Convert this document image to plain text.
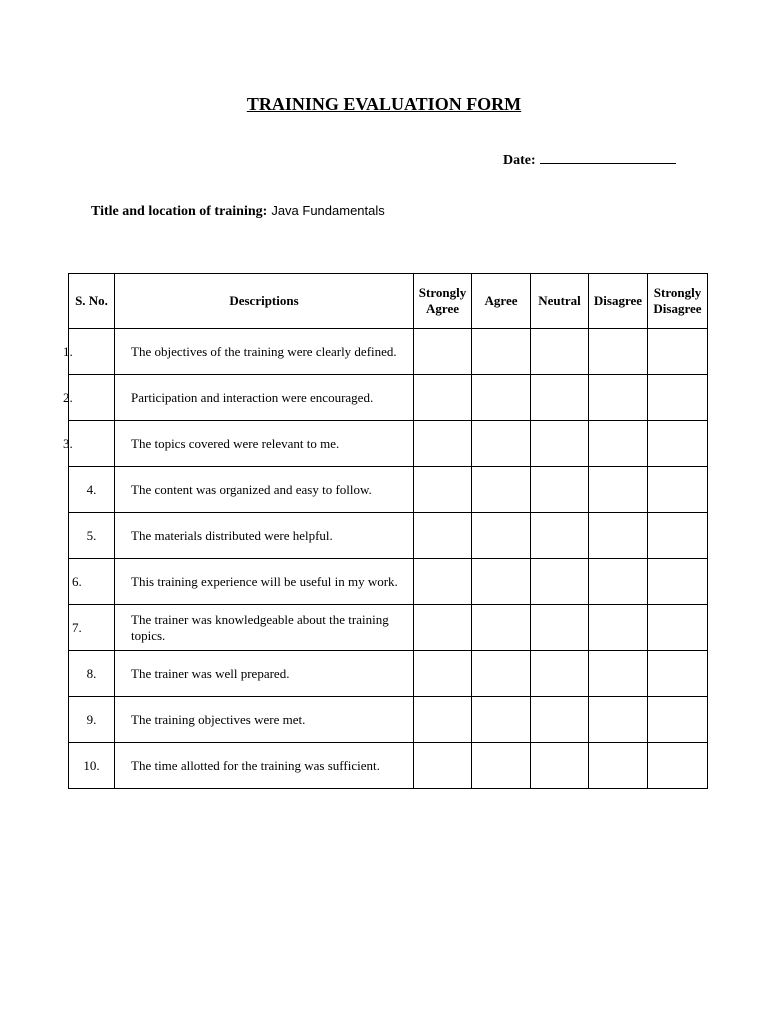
TRAINING EVALUATION FORM
Date:
Title and location of training: Java Fundamentals
S. No.	Descriptions	Strongly Agree	Agree	Neutral	Disagree	Strongly Disagree
1.	The objectives of the training were clearly defined.					
2.	Participation and interaction were encouraged.					
3.	The topics covered were relevant to me.					
4.	The content was organized and easy to follow.					
5.	The materials distributed were helpful.					
6.	This training experience will be useful in my work.					
7.	The trainer was knowledgeable about the training topics.					
8.	The trainer was well prepared.					
9.	The training objectives were met.					
10.	The time allotted for the training was sufficient.					
